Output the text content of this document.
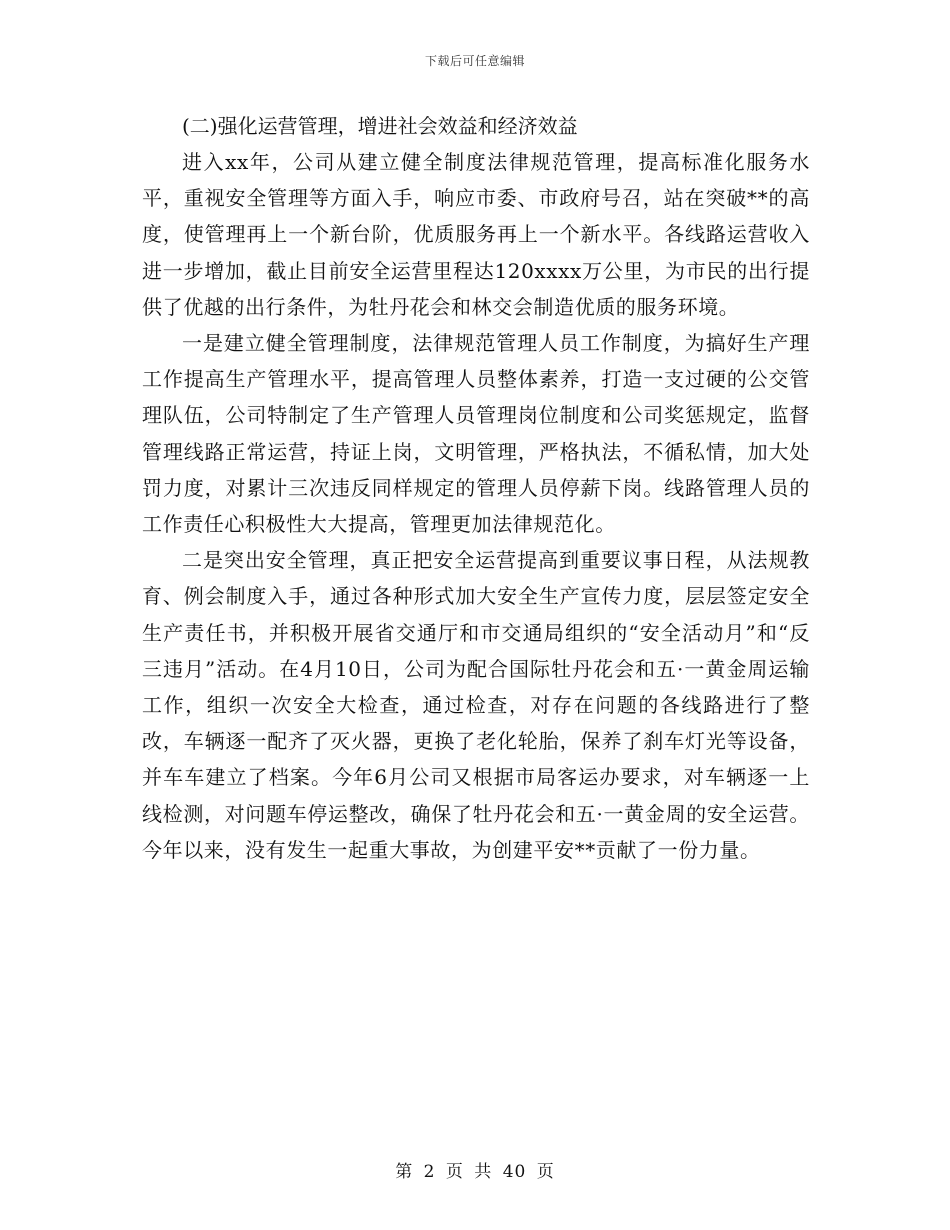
下载后可任意编辑

(二)强化运营管理，增进社会效益和经济效益

进入xx年，公司从建立健全制度法律规范管理，提高标准化服务水平，重视安全管理等方面入手，响应市委、市政府号召，站在突破**的高度，使管理再上一个新台阶，优质服务再上一个新水平。各线路运营收入进一步增加，截止目前安全运营里程达120xxxx万公里，为市民的出行提供了优越的出行条件，为牡丹花会和林交会制造优质的服务环境。

一是建立健全管理制度，法律规范管理人员工作制度，为搞好生产理工作提高生产管理水平，提高管理人员整体素养，打造一支过硬的公交管理队伍，公司特制定了生产管理人员管理岗位制度和公司奖惩规定，监督管理线路正常运营，持证上岗，文明管理，严格执法，不循私情，加大处罚力度，对累计三次违反同样规定的管理人员停薪下岗。线路管理人员的工作责任心积极性大大提高，管理更加法律规范化。

二是突出安全管理，真正把安全运营提高到重要议事日程，从法规教育、例会制度入手，通过各种形式加大安全生产宣传力度，层层签定安全生产责任书，并积极开展省交通厅和市交通局组织的“安全活动月”和“反三违月”活动。在4月10日，公司为配合国际牡丹花会和五·一黄金周运输工作，组织一次安全大检查，通过检查，对存在问题的各线路进行了整改，车辆逐一配齐了灭火器，更换了老化轮胎，保养了刹车灯光等设备，并车车建立了档案。今年6月公司又根据市局客运办要求，对车辆逐一上线检测，对问题车停运整改，确保了牡丹花会和五·一黄金周的安全运营。今年以来，没有发生一起重大事故，为创建平安**贡献了一份力量。

第 2 页 共 40 页
